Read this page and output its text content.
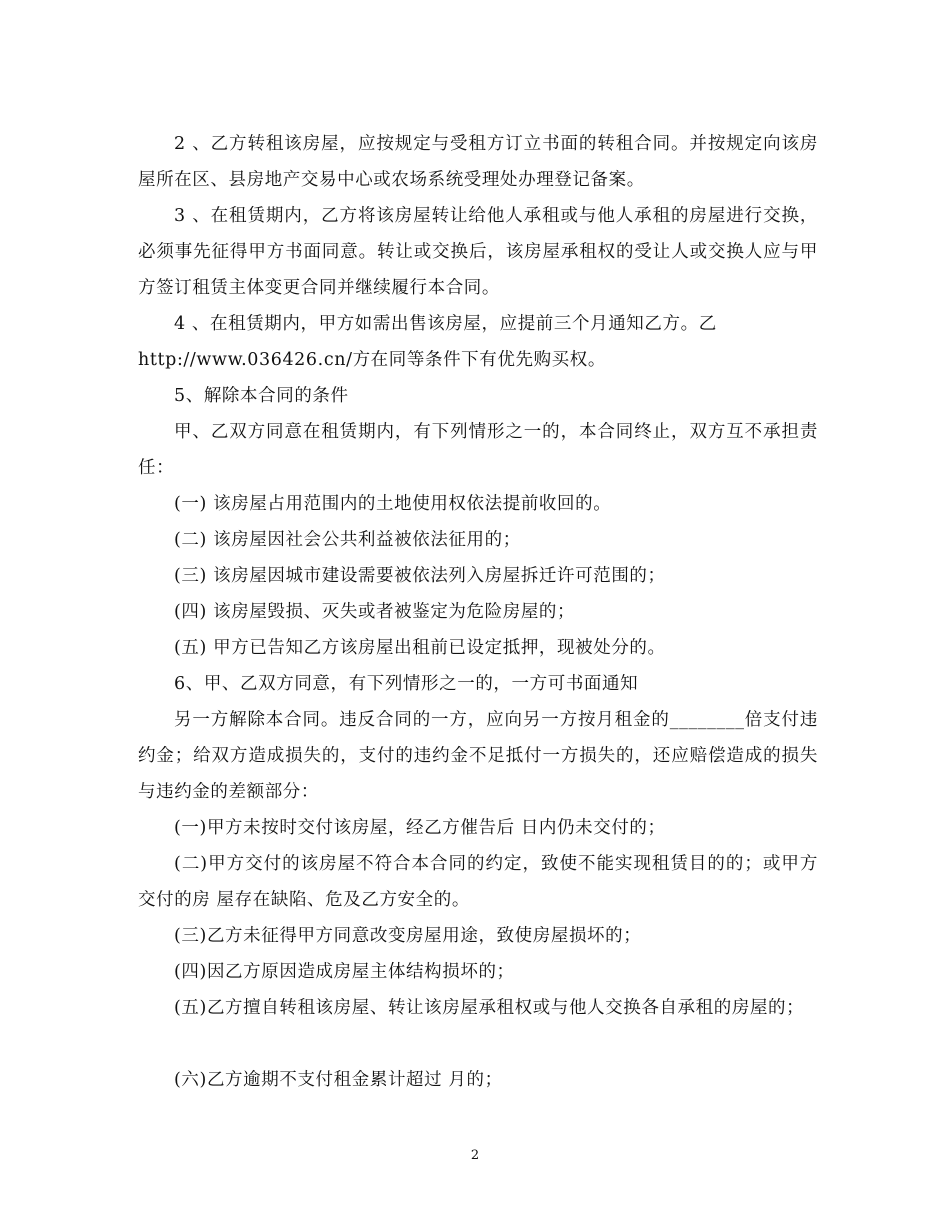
2 、乙方转租该房屋，应按规定与受租方订立书面的转租合同。并按规定向该房屋所在区、县房地产交易中心或农场系统受理处办理登记备案。

3 、在租赁期内，乙方将该房屋转让给他人承租或与他人承租的房屋进行交换，必须事先征得甲方书面同意。转让或交换后，该房屋承租权的受让人或交换人应与甲方签订租赁主体变更合同并继续履行本合同。

4 、在租赁期内，甲方如需出售该房屋，应提前三个月通知乙方。乙

http://www.036426.cn/方在同等条件下有优先购买权。

5、解除本合同的条件

甲、乙双方同意在租赁期内，有下列情形之一的，本合同终止，双方互不承担责任：

(一) 该房屋占用范围内的土地使用权依法提前收回的。

(二) 该房屋因社会公共利益被依法征用的；

(三) 该房屋因城市建设需要被依法列入房屋拆迁许可范围的；

(四) 该房屋毁损、灭失或者被鉴定为危险房屋的；

(五) 甲方已告知乙方该房屋出租前已设定抵押，现被处分的。

6、甲、乙双方同意，有下列情形之一的，一方可书面通知

另一方解除本合同。违反合同的一方，应向另一方按月租金的________倍支付违约金；给双方造成损失的，支付的违约金不足抵付一方损失的，还应赔偿造成的损失与违约金的差额部分：

(一)甲方未按时交付该房屋，经乙方催告后 日内仍未交付的；

(二)甲方交付的该房屋不符合本合同的约定，致使不能实现租赁目的的；或甲方交付的房 屋存在缺陷、危及乙方安全的。

(三)乙方未征得甲方同意改变房屋用途，致使房屋损坏的；

(四)因乙方原因造成房屋主体结构损坏的；

(五)乙方擅自转租该房屋、转让该房屋承租权或与他人交换各自承租的房屋的；

(六)乙方逾期不支付租金累计超过 月的；

2
